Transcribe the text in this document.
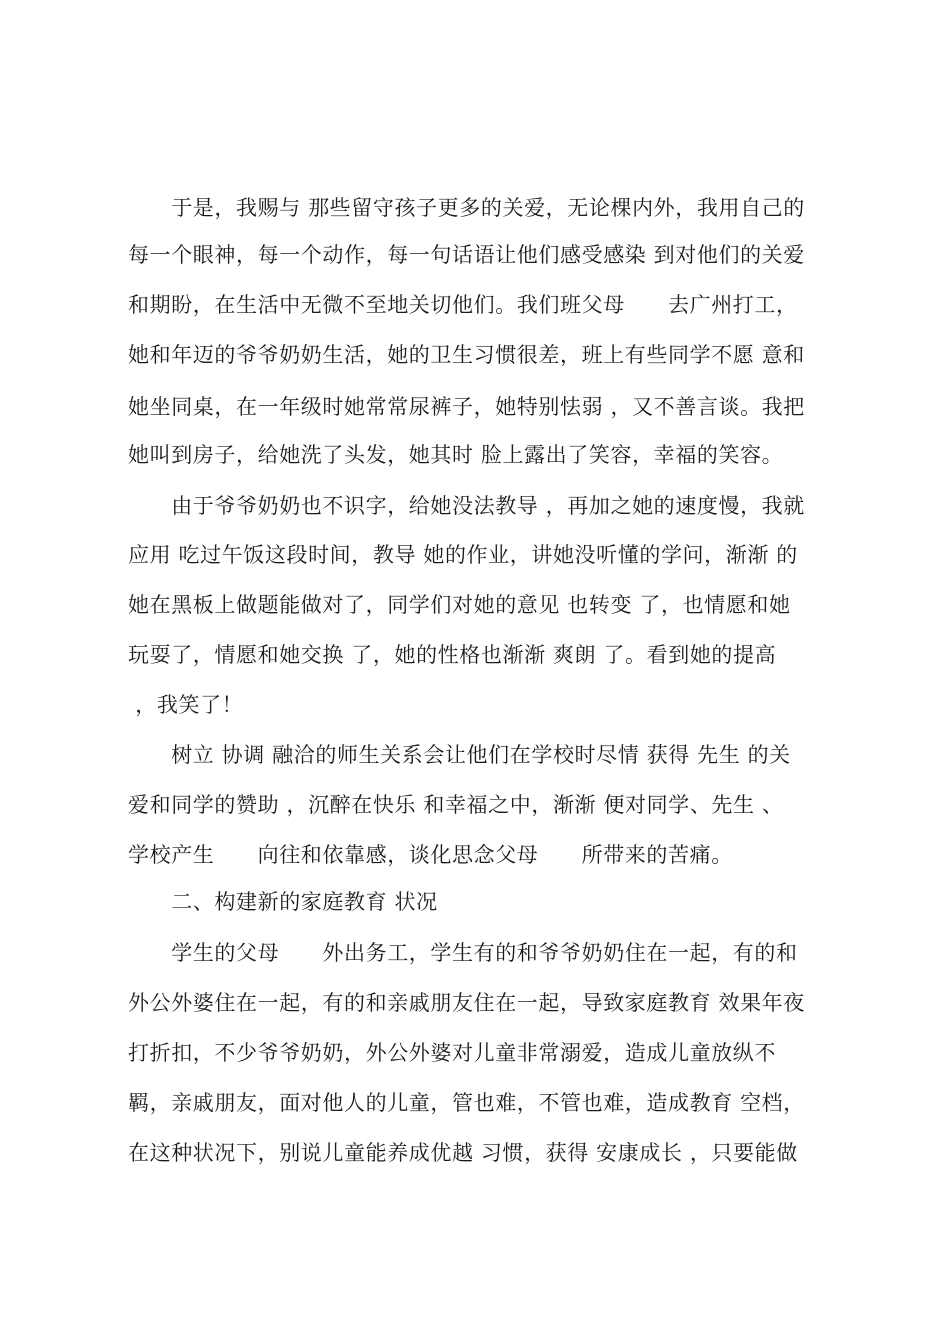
　　于是，我赐与 那些留守孩子更多的关爱，无论棵内外，我用自己的
每一个眼神，每一个动作，每一句话语让他们感受感染 到对他们的关爱
和期盼，在生活中无微不至地关切他们。我们班父母　　去广州打工，
她和年迈的爷爷奶奶生活，她的卫生习惯很差，班上有些同学不愿 意和
她坐同桌，在一年级时她常常尿裤子，她特别怯弱 ，又不善言谈。我把
她叫到房子，给她洗了头发，她其时 脸上露出了笑容，幸福的笑容。
　　由于爷爷奶奶也不识字，给她没法教导 ，再加之她的速度慢，我就
应用 吃过午饭这段时间，教导 她的作业，讲她没听懂的学问，渐渐 的
她在黑板上做题能做对了，同学们对她的意见 也转变 了，也情愿和她
玩耍了，情愿和她交换 了，她的性格也渐渐 爽朗 了。看到她的提高
，我笑了！
　　树立 协调 融洽的师生关系会让他们在学校时尽情 获得 先生 的关
爱和同学的赞助 ，沉醉在快乐 和幸福之中，渐渐 便对同学、先生 、
学校产生　　向往和依靠感，谈化思念父母　　所带来的苦痛。
　　二、构建新的家庭教育 状况
　　学生的父母　　外出务工，学生有的和爷爷奶奶住在一起，有的和
外公外婆住在一起，有的和亲戚朋友住在一起，导致家庭教育 效果年夜
打折扣，不少爷爷奶奶，外公外婆对儿童非常溺爱，造成儿童放纵不
羁，亲戚朋友，面对他人的儿童，管也难，不管也难，造成教育 空档，
在这种状况下，别说儿童能养成优越 习惯，获得 安康成长 ，只要能做
